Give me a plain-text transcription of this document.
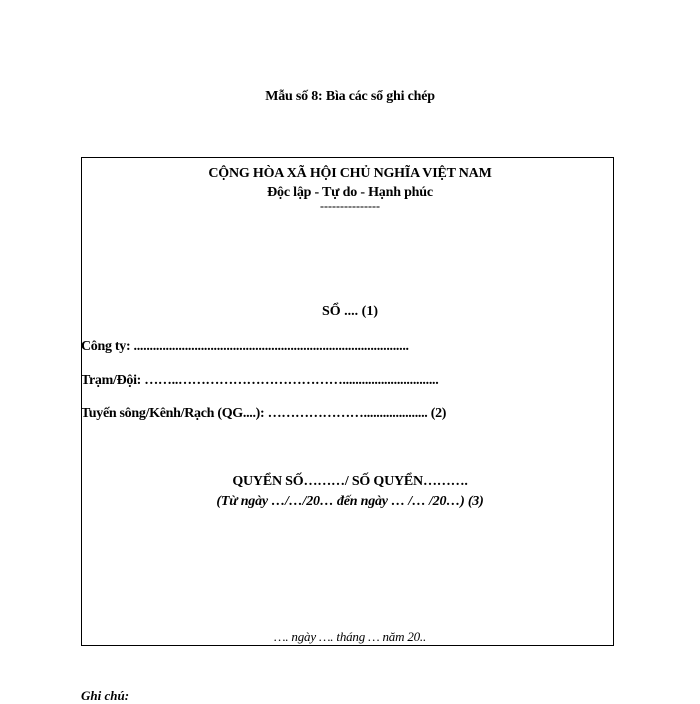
Mẫu số 8: Bìa các sổ ghi chép
CỘNG HÒA XÃ HỘI CHỦ NGHĨA VIỆT NAM
Độc lập - Tự do - Hạnh phúc
---------------
SỔ .... (1)
Công ty: ......................................................................................
Trạm/Đội: ……..………………………………..............................
Tuyến sông/Kênh/Rạch (QG....): ………………….................... (2)
QUYỂN SỐ………/ SỐ QUYỂN……….
(Từ ngày …/…/20… đến ngày … /… /20…) (3)
…. ngày …. tháng … năm 20..
Ghi chú:
